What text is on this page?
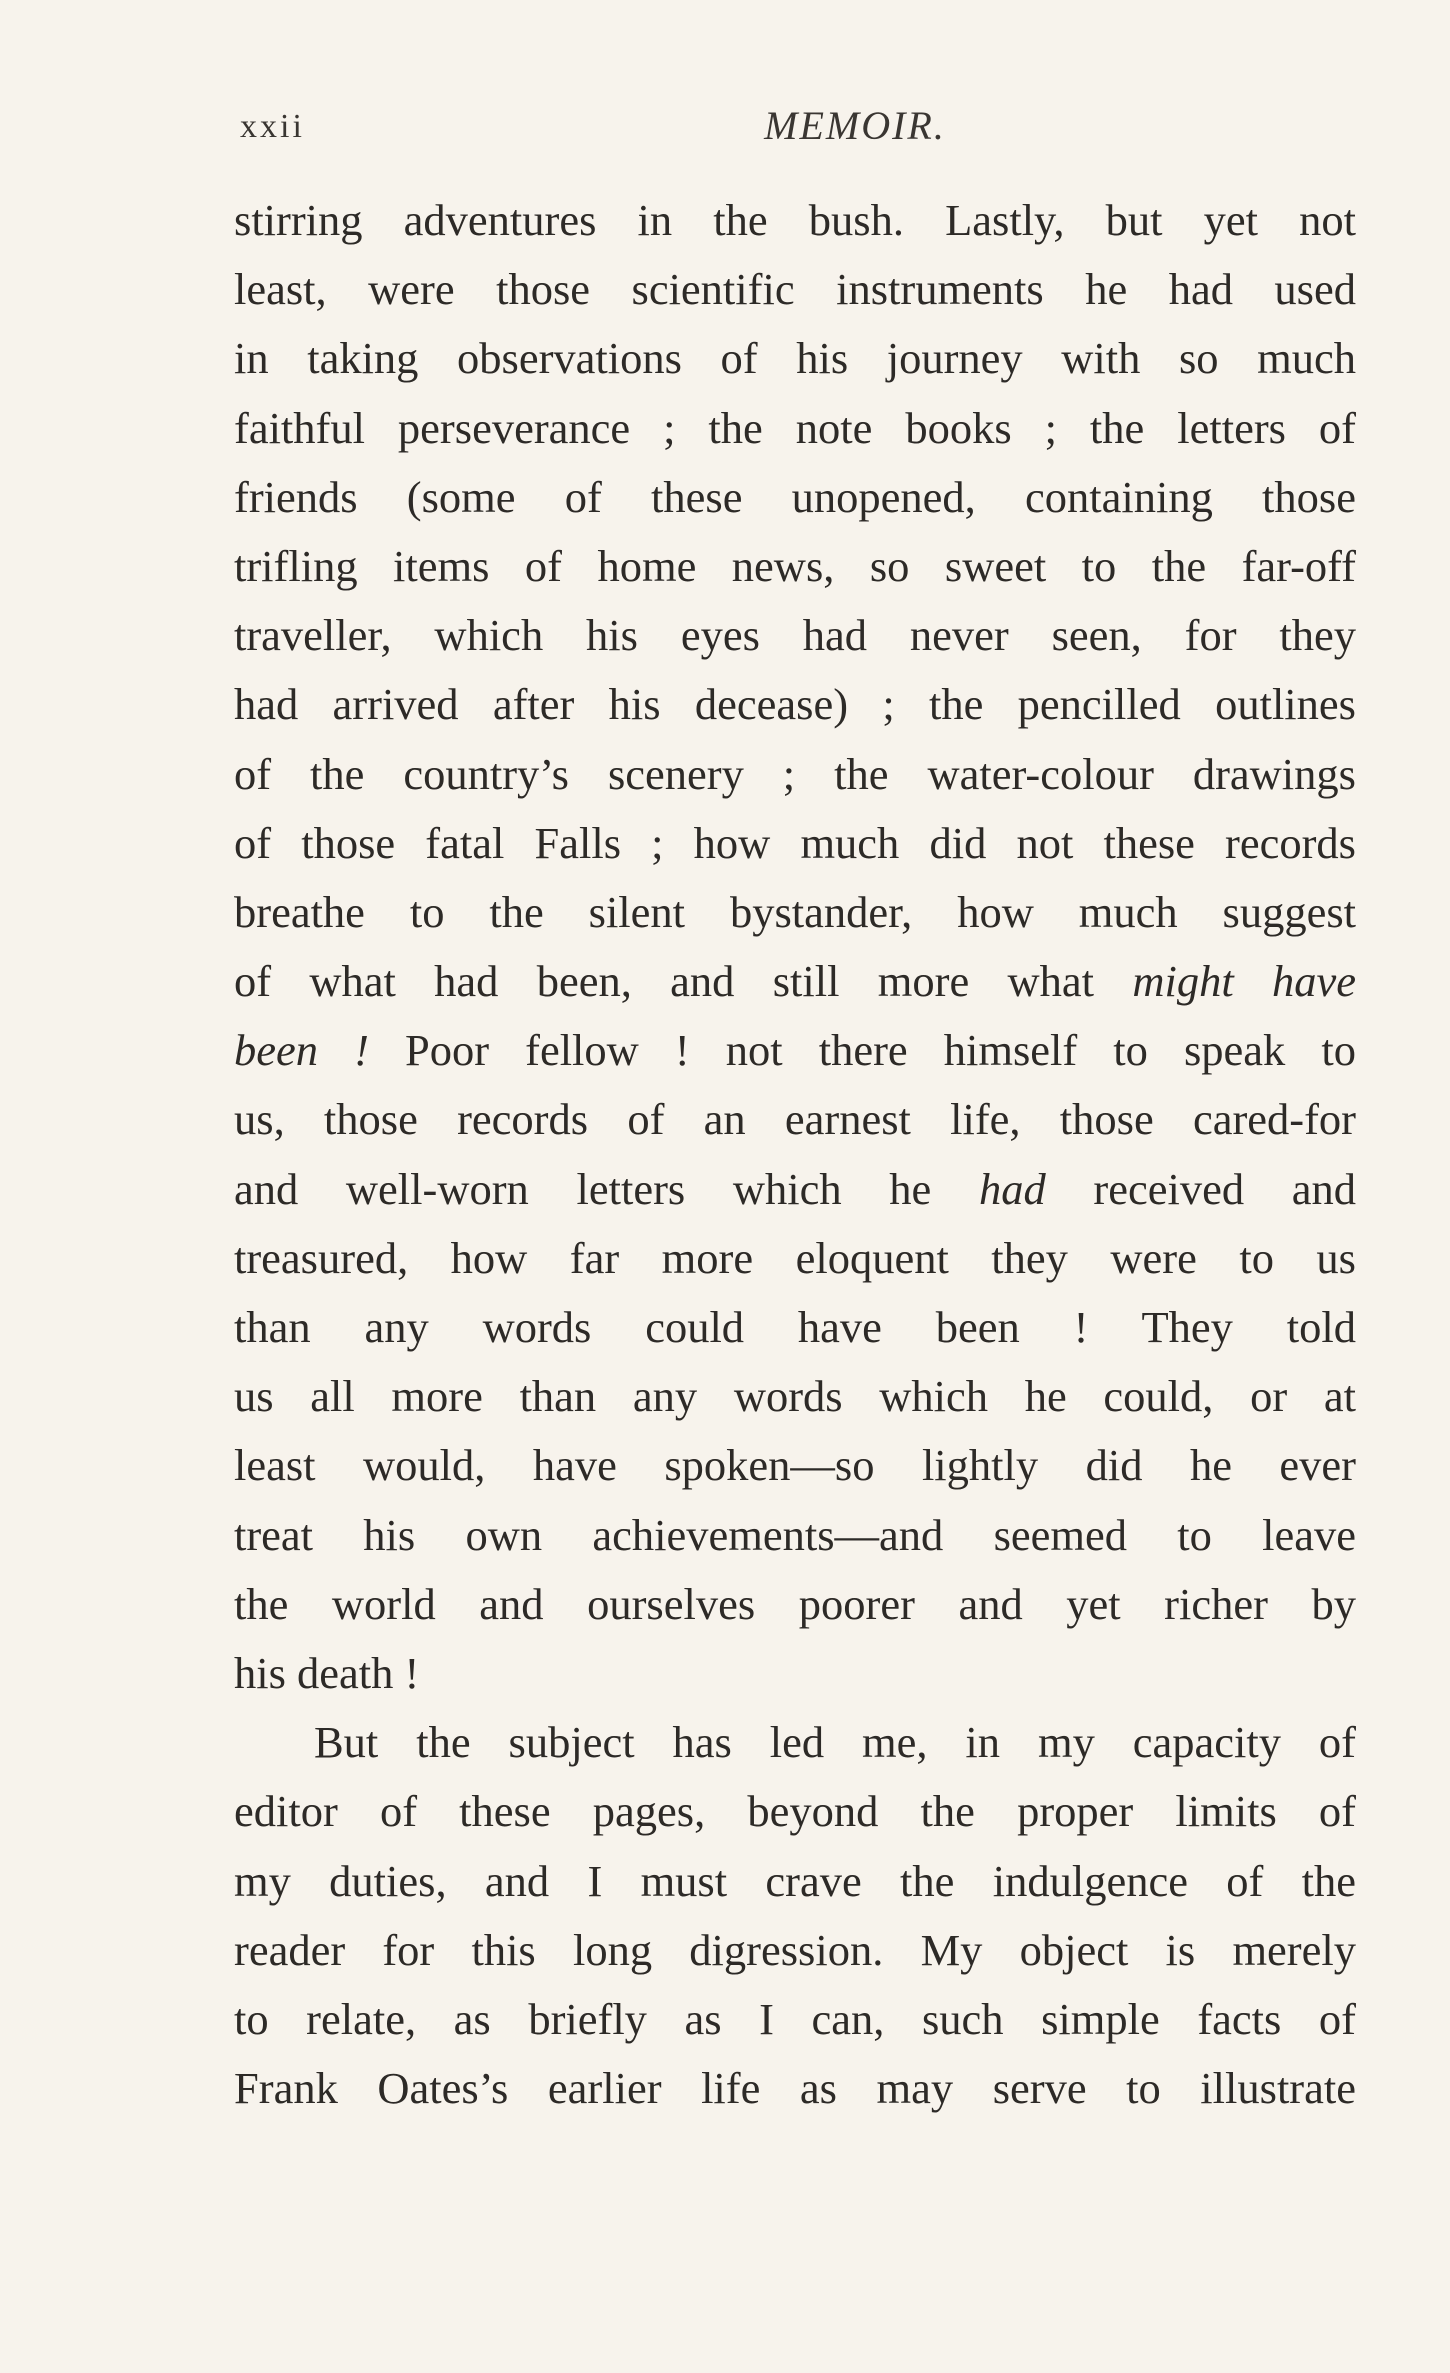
xxii	MEMOIR.
stirring adventures in the bush. Lastly, but yet not
least, were those scientific instruments he had used
in taking observations of his journey with so much
faithful perseverance ; the note books ; the letters of
friends (some of these unopened, containing those
trifling items of home news, so sweet to the far-off
traveller, which his eyes had never seen, for they
had arrived after his decease) ; the pencilled outlines
of the country’s scenery ; the water-colour drawings
of those fatal Falls ; how much did not these records
breathe to the silent bystander, how much suggest
of what had been, and still more what might have
been ! Poor fellow ! not there himself to speak to
us, those records of an earnest life, those cared-for
and well-worn letters which he had received and
treasured, how far more eloquent they were to us
than any words could have been ! They told
us all more than any words which he could, or at
least would, have spoken—so lightly did he ever
treat his own achievements—and seemed to leave
the world and ourselves poorer and yet richer by
his death !
But the subject has led me, in my capacity of
editor of these pages, beyond the proper limits of
my duties, and I must crave the indulgence of the
reader for this long digression. My object is merely
to relate, as briefly as I can, such simple facts of
Frank Oates’s earlier life as may serve to illustrate
